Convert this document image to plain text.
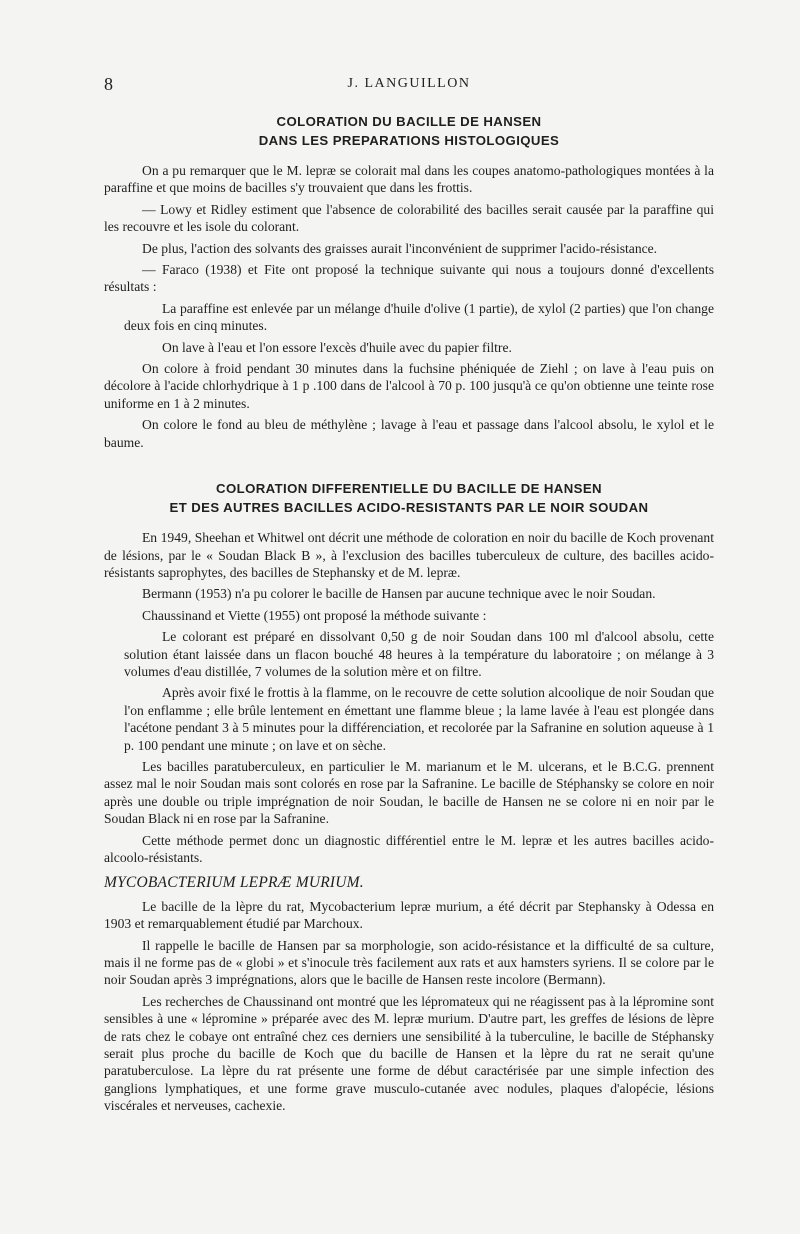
8	J. LANGUILLON
COLORATION DU BACILLE DE HANSEN
DANS LES PREPARATIONS HISTOLOGIQUES

On a pu remarquer que le M. lepræ se colorait mal dans les coupes anatomo-pathologiques montées à la paraffine et que moins de bacilles s'y trouvaient que dans les frottis.

— Lowy et Ridley estiment que l'absence de colorabilité des bacilles serait causée par la paraffine qui les recouvre et les isole du colorant.

De plus, l'action des solvants des graisses aurait l'inconvénient de supprimer l'acido-résistance.

— Faraco (1938) et Fite ont proposé la technique suivante qui nous a toujours donné d'excellents résultats :

La paraffine est enlevée par un mélange d'huile d'olive (1 partie), de xylol (2 parties) que l'on change deux fois en cinq minutes.

On lave à l'eau et l'on essore l'excès d'huile avec du papier filtre.

On colore à froid pendant 30 minutes dans la fuchsine phéniquée de Ziehl ; on lave à l'eau puis on décolore à l'acide chlorhydrique à 1 p .100 dans de l'alcool à 70 p. 100 jusqu'à ce qu'on obtienne une teinte rose uniforme en 1 à 2 minutes.

On colore le fond au bleu de méthylène ; lavage à l'eau et passage dans l'alcool absolu, le xylol et le baume.

COLORATION DIFFERENTIELLE DU BACILLE DE HANSEN
ET DES AUTRES BACILLES ACIDO-RESISTANTS PAR LE NOIR SOUDAN

En 1949, Sheehan et Whitwel ont décrit une méthode de coloration en noir du bacille de Koch provenant de lésions, par le « Soudan Black B », à l'exclusion des bacilles tuberculeux de culture, des bacilles acido-résistants saprophytes, des bacilles de Stephansky et de M. lepræ.

Bermann (1953) n'a pu colorer le bacille de Hansen par aucune technique avec le noir Soudan.

Chaussinand et Viette (1955) ont proposé la méthode suivante :

Le colorant est préparé en dissolvant 0,50 g de noir Soudan dans 100 ml d'alcool absolu, cette solution étant laissée dans un flacon bouché 48 heures à la température du laboratoire ; on mélange à 3 volumes d'eau distillée, 7 volumes de la solution mère et on filtre.

Après avoir fixé le frottis à la flamme, on le recouvre de cette solution alcoolique de noir Soudan que l'on enflamme ; elle brûle lentement en émettant une flamme bleue ; la lame lavée à l'eau est plongée dans l'acétone pendant 3 à 5 minutes pour la différenciation, et recolorée par la Safranine en solution aqueuse à 1 p. 100 pendant une minute ; on lave et on sèche.

Les bacilles paratuberculeux, en particulier le M. marianum et le M. ulcerans, et le B.C.G. prennent assez mal le noir Soudan mais sont colorés en rose par la Safranine. Le bacille de Stéphansky se colore en noir après une double ou triple imprégnation de noir Soudan, le bacille de Hansen ne se colore ni en noir par le Soudan Black ni en rose par la Safranine.

Cette méthode permet donc un diagnostic différentiel entre le M. lepræ et les autres bacilles acido-alcoolo-résistants.

MYCOBACTERIUM LEPRÆ MURIUM.

Le bacille de la lèpre du rat, Mycobacterium lepræ murium, a été décrit par Stephansky à Odessa en 1903 et remarquablement étudié par Marchoux.

Il rappelle le bacille de Hansen par sa morphologie, son acido-résistance et la difficulté de sa culture, mais il ne forme pas de « globi » et s'inocule très facilement aux rats et aux hamsters syriens. Il se colore par le noir Soudan après 3 imprégnations, alors que le bacille de Hansen reste incolore (Bermann).

Les recherches de Chaussinand ont montré que les lépromateux qui ne réagissent pas à la lépromine sont sensibles à une « lépromine » préparée avec des M. lepræ murium. D'autre part, les greffes de lésions de lèpre de rats chez le cobaye ont entraîné chez ces derniers une sensibilité à la tuberculine, le bacille de Stéphansky serait plus proche du bacille de Koch que du bacille de Hansen et la lèpre du rat ne serait qu'une paratuberculose. La lèpre du rat présente une forme de début caractérisée par une simple infection des ganglions lymphatiques, et une forme grave musculo-cutanée avec nodules, plaques d'alopécie, lésions viscérales et nerveuses, cachexie.
